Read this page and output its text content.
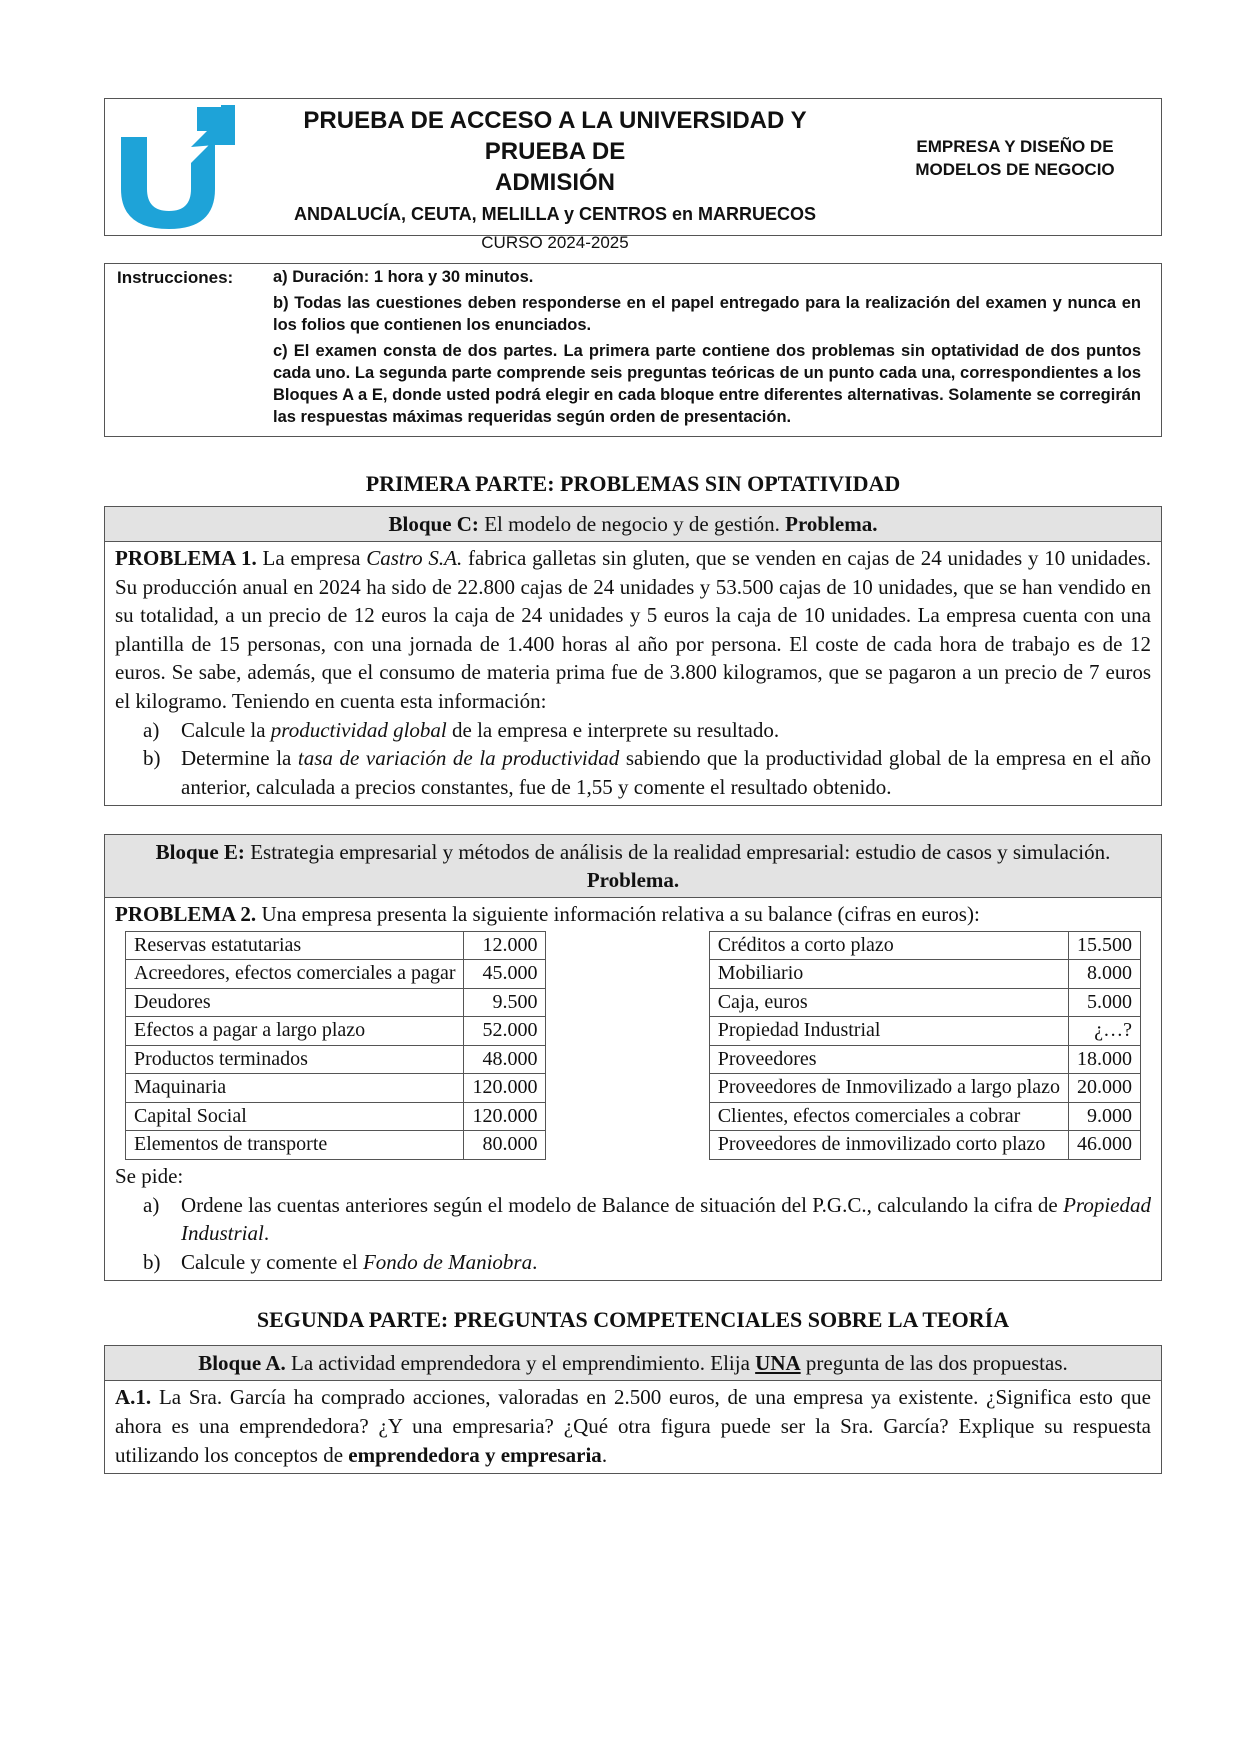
PRUEBA DE ACCESO A LA UNIVERSIDAD Y PRUEBA DE
ADMISIÓN
ANDALUCÍA, CEUTA, MELILLA y CENTROS en MARRUECOS
CURSO 2024-2025
EMPRESA Y DISEÑO DE
MODELOS DE NEGOCIO
Instrucciones:	a) Duración: 1 hora y 30 minutos.

b) Todas las cuestiones deben responderse en el papel entregado para la realización del examen y nunca en los folios que contienen los enunciados.

c) El examen consta de dos partes. La primera parte contiene dos problemas sin optatividad de dos puntos cada uno. La segunda parte comprende seis preguntas teóricas de un punto cada una, correspondientes a los Bloques A a E, donde usted podrá elegir en cada bloque entre diferentes alternativas. Solamente se corregirán las respuestas máximas requeridas según orden de presentación.

PRIMERA PARTE: PROBLEMAS SIN OPTATIVIDAD
Bloque C: El modelo de negocio y de gestión. Problema.

PROBLEMA 1. La empresa Castro S.A. fabrica galletas sin gluten, que se venden en cajas de 24 unidades y 10 unidades. Su producción anual en 2024 ha sido de 22.800 cajas de 24 unidades y 53.500 cajas de 10 unidades, que se han vendido en su totalidad, a un precio de 12 euros la caja de 24 unidades y 5 euros la caja de 10 unidades. La empresa cuenta con una plantilla de 15 personas, con una jornada de 1.400 horas al año por persona. El coste de cada hora de trabajo es de 12 euros. Se sabe, además, que el consumo de materia prima fue de 3.800 kilogramos, que se pagaron a un precio de 7 euros el kilogramo. Teniendo en cuenta esta información:

a)	Calcule la productividad global de la empresa e interprete su resultado.
b) Determine la tasa de variación de la productividad sabiendo que la productividad global de la empresa en el año anterior, calculada a precios constantes, fue de 1,55 y comente el resultado obtenido.
Bloque E: Estrategia empresarial y métodos de análisis de la realidad empresarial: estudio de casos y simulación. Problema.

PROBLEMA 2. Una empresa presenta la siguiente información relativa a su balance (cifras en euros):

Reservas estatutarias	12.000
Acreedores, efectos comerciales a pagar	45.000
Deudores	9.500
Efectos a pagar a largo plazo	52.000
Productos terminados	48.000
Maquinaria	120.000
Capital Social	120.000
Elementos de transporte	80.000
Créditos a corto plazo	15.500
Mobiliario	8.000
Caja, euros	5.000
Propiedad Industrial	¿…?
Proveedores	18.000
Proveedores de Inmovilizado a largo plazo	20.000
Clientes, efectos comerciales a cobrar	9.000
Proveedores de inmovilizado corto plazo	46.000

Se pide:

a)	Ordene las cuentas anteriores según el modelo de Balance de situación del P.G.C., calculando la cifra de Propiedad Industrial.
b) Calcule y comente el Fondo de Maniobra.
SEGUNDA PARTE: PREGUNTAS COMPETENCIALES SOBRE LA TEORÍA
Bloque A. La actividad emprendedora y el emprendimiento. Elija UNA pregunta de las dos propuestas.

A.1. La Sra. García ha comprado acciones, valoradas en 2.500 euros, de una empresa ya existente. ¿Significa esto que ahora es una emprendedora? ¿Y una empresaria? ¿Qué otra figura puede ser la Sra. García? Explique su respuesta utilizando los conceptos de emprendedora y empresaria.
